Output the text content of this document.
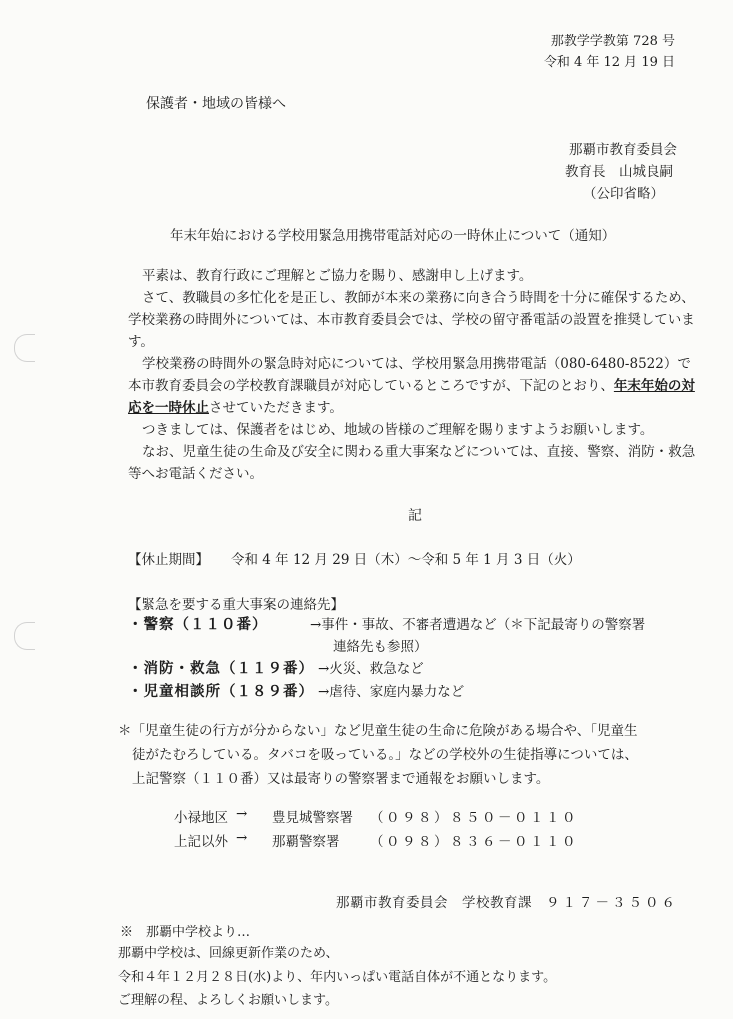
那教学学教第 728 号
令和 4 年 12 月 19 日
保護者・地域の皆様へ
那覇市教育委員会
教育長　山城良嗣
（公印省略）
年末年始における学校用緊急用携帯電話対応の一時休止について（通知）

平素は、教育行政にご理解とご協力を賜り、感謝申し上げます。

さて、教職員の多忙化を是正し、教師が本来の業務に向き合う時間を十分に確保するため、学校業務の時間外については、本市教育委員会では、学校の留守番電話の設置を推奨しています。

学校業務の時間外の緊急時対応については、学校用緊急用携帯電話（080-6480-8522）で本市教育委員会の学校教育課職員が対応しているところですが、下記のとおり、年末年始の対応を一時休止させていただきます。

つきましては、保護者をはじめ、地域の皆様のご理解を賜りますようお願いします。

なお、児童生徒の生命及び安全に関わる重大事案などについては、直接、警察、消防・救急等へお電話ください。

記
【休止期間】 令和 4 年 12 月 29 日（木）～令和 5 年 1 月 3 日（火）
【緊急を要する重大事案の連絡先】
・警察（１１０番）	→事件・事故、不審者遭遇など（＊下記最寄りの警察署
連絡先も参照）
・消防・救急（１１９番） →火災、救急など
・児童相談所（１８９番） →虐待、家庭内暴力など

＊「児童生徒の行方が分からない」など児童生徒の生命に危険がある場合や、「児童生

徒がたむろしている。タバコを吸っている。」などの学校外の生徒指導については、

上記警察（１１０番）又は最寄りの警察署まで通報をお願いします。

小禄地区 → 豊見城警察署 （０９８）８５０－０１１０
上記以外 → 那覇警察署 （０９８）８３６－０１１０
那覇市教育委員会　学校教育課　 ９１７－３５０６
※　那覇中学校より…

那覇中学校は、回線更新作業のため、

令和４年１２月２８日(水)より、年内いっぱい電話自体が不通となります。

ご理解の程、よろしくお願いします。
